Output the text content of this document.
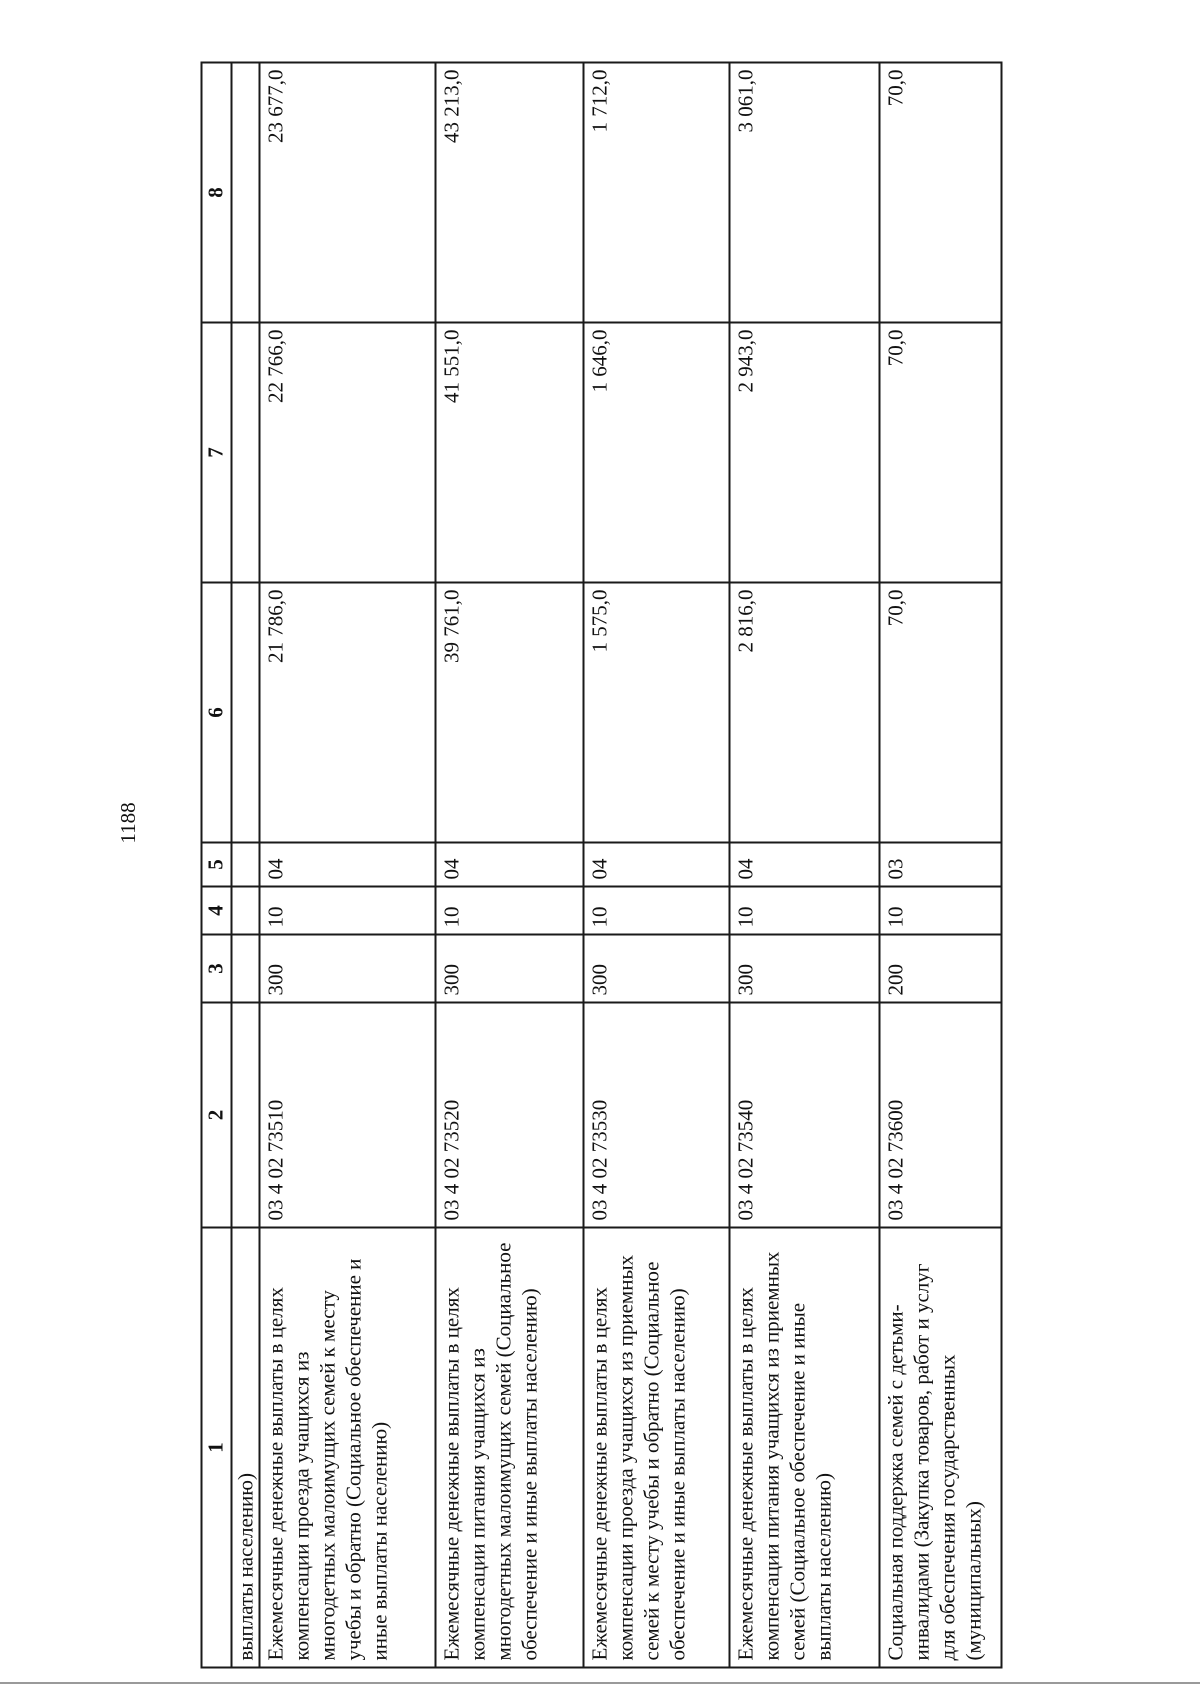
1188
1	2	3	4	5	6	7	8
выплаты населению)							
Ежемесячные денежные выплаты в целях компенсации проезда учащихся из многодетных малоимущих семей к месту учебы и обратно (Социальное обеспечение и иные выплаты населению)	03 4 02 73510	300	10	04	21 786,0	22 766,0	23 677,0
Ежемесячные денежные выплаты в целях компенсации питания учащихся из многодетных малоимущих семей (Социальное обеспечение и иные выплаты населению)	03 4 02 73520	300	10	04	39 761,0	41 551,0	43 213,0
Ежемесячные денежные выплаты в целях компенсации проезда учащихся из приемных семей к месту учебы и обратно (Социальное обеспечение и иные выплаты населению)	03 4 02 73530	300	10	04	1 575,0	1 646,0	1 712,0
Ежемесячные денежные выплаты в целях компенсации питания учащихся из приемных семей (Социальное обеспечение и иные выплаты населению)	03 4 02 73540	300	10	04	2 816,0	2 943,0	3 061,0
Социальная поддержка семей с детьми-инвалидами (Закупка товаров, работ и услуг для обеспечения государственных (муниципальных)	03 4 02 73600	200	10	03	70,0	70,0	70,0
